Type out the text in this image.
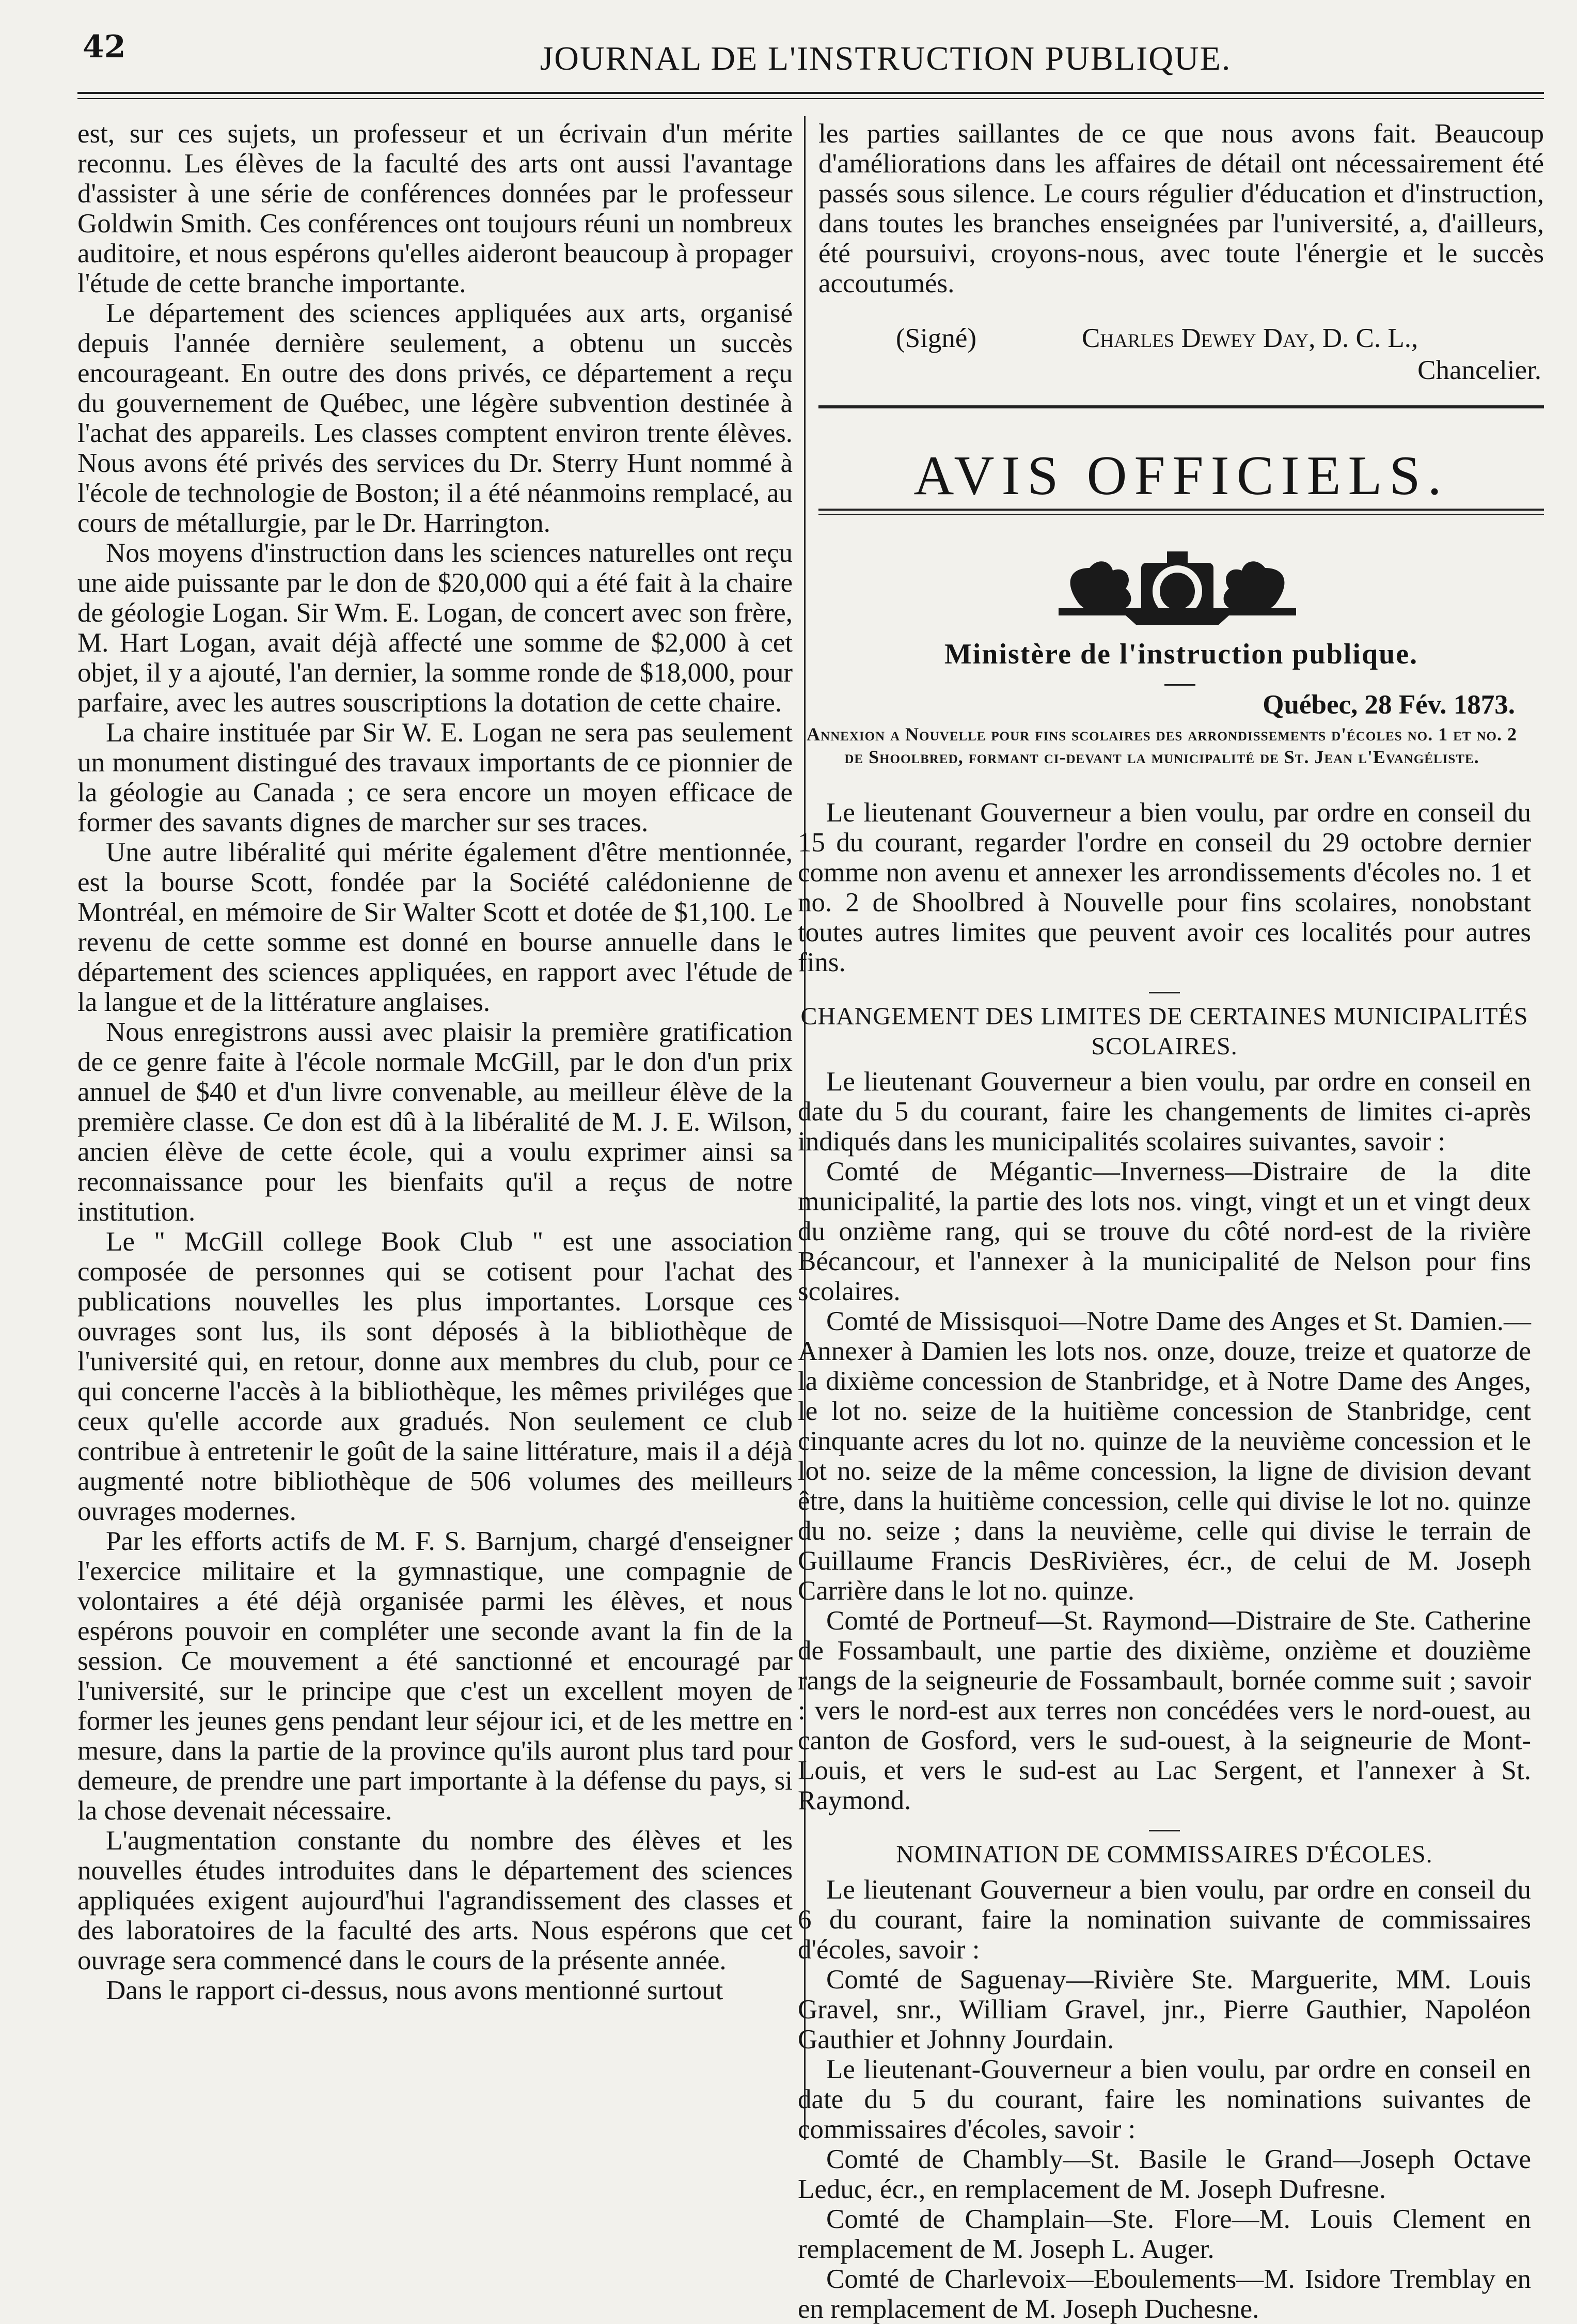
42	JOURNAL DE L'INSTRUCTION PUBLIQUE.

est, sur ces sujets, un professeur et un écrivain d'un mérite reconnu. Les élèves de la faculté des arts ont aussi l'avantage d'assister à une série de conférences données par le professeur Goldwin Smith. Ces conférences ont toujours réuni un nombreux auditoire, et nous espérons qu'elles aideront beaucoup à propager l'étude de cette branche importante.

Le département des sciences appliquées aux arts, organisé depuis l'année dernière seulement, a obtenu un succès encourageant. En outre des dons privés, ce département a reçu du gouvernement de Québec, une légère subvention destinée à l'achat des appareils. Les classes comptent environ trente élèves. Nous avons été privés des services du Dr. Sterry Hunt nommé à l'école de technologie de Boston; il a été néanmoins remplacé, au cours de métallurgie, par le Dr. Harrington.

Nos moyens d'instruction dans les sciences naturelles ont reçu une aide puissante par le don de $20,000 qui a été fait à la chaire de géologie Logan. Sir Wm. E. Logan, de concert avec son frère, M. Hart Logan, avait déjà affecté une somme de $2,000 à cet objet, il y a ajouté, l'an dernier, la somme ronde de $18,000, pour parfaire, avec les autres souscriptions la dotation de cette chaire.

La chaire instituée par Sir W. E. Logan ne sera pas seulement un monument distingué des travaux importants de ce pionnier de la géologie au Canada ; ce sera encore un moyen efficace de former des savants dignes de marcher sur ses traces.

Une autre libéralité qui mérite également d'être mentionnée, est la bourse Scott, fondée par la Société calédonienne de Montréal, en mémoire de Sir Walter Scott et dotée de $1,100. Le revenu de cette somme est donné en bourse annuelle dans le département des sciences appliquées, en rapport avec l'étude de la langue et de la littérature anglaises.

Nous enregistrons aussi avec plaisir la première gratification de ce genre faite à l'école normale McGill, par le don d'un prix annuel de $40 et d'un livre convenable, au meilleur élève de la première classe. Ce don est dû à la libéralité de M. J. E. Wilson, ancien élève de cette école, qui a voulu exprimer ainsi sa reconnaissance pour les bienfaits qu'il a reçus de notre institution.

Le " McGill college Book Club " est une association composée de personnes qui se cotisent pour l'achat des publications nouvelles les plus importantes. Lorsque ces ouvrages sont lus, ils sont déposés à la bibliothèque de l'université qui, en retour, donne aux membres du club, pour ce qui concerne l'accès à la bibliothèque, les mêmes priviléges que ceux qu'elle accorde aux gradués. Non seulement ce club contribue à entretenir le goût de la saine littérature, mais il a déjà augmenté notre bibliothèque de 506 volumes des meilleurs ouvrages modernes.

Par les efforts actifs de M. F. S. Barnjum, chargé d'enseigner l'exercice militaire et la gymnastique, une compagnie de volontaires a été déjà organisée parmi les élèves, et nous espérons pouvoir en compléter une seconde avant la fin de la session. Ce mouvement a été sanctionné et encouragé par l'université, sur le principe que c'est un excellent moyen de former les jeunes gens pendant leur séjour ici, et de les mettre en mesure, dans la partie de la province qu'ils auront plus tard pour demeure, de prendre une part importante à la défense du pays, si la chose devenait nécessaire.

L'augmentation constante du nombre des élèves et les nouvelles études introduites dans le département des sciences appliquées exigent aujourd'hui l'agrandissement des classes et des laboratoires de la faculté des arts. Nous espérons que cet ouvrage sera commencé dans le cours de la présente année.

Dans le rapport ci-dessus, nous avons mentionné surtout

les parties saillantes de ce que nous avons fait. Beaucoup d'améliorations dans les affaires de détail ont nécessairement été passés sous silence. Le cours régulier d'éducation et d'instruction, dans toutes les branches enseignées par l'université, a, d'ailleurs, été poursuivi, croyons-nous, avec toute l'énergie et le succès accoutumés.

(Signé)	Charles Dewey Day, D. C. L.,
Chancelier.
AVIS OFFICIELS.
Ministère de l'instruction publique.
Québec, 28 Fév. 1873.
Annexion a Nouvelle pour fins scolaires des arrondissements d'écoles no. 1 et no. 2 de Shoolbred, formant ci-devant la municipalité de St. Jean l'Evangéliste.

Le lieutenant Gouverneur a bien voulu, par ordre en conseil du 15 du courant, regarder l'ordre en conseil du 29 octobre dernier comme non avenu et annexer les arrondissements d'écoles no. 1 et no. 2 de Shoolbred à Nouvelle pour fins scolaires, nonobstant toutes autres limites que peuvent avoir ces localités pour autres fins.

CHANGEMENT DES LIMITES DE CERTAINES MUNICIPALITÉS SCOLAIRES.

Le lieutenant Gouverneur a bien voulu, par ordre en conseil en date du 5 du courant, faire les changements de limites ci-après indiqués dans les municipalités scolaires suivantes, savoir :

Comté de Mégantic—Inverness—Distraire de la dite municipalité, la partie des lots nos. vingt, vingt et un et vingt deux du onzième rang, qui se trouve du côté nord-est de la rivière Bécancour, et l'annexer à la municipalité de Nelson pour fins scolaires.

Comté de Missisquoi—Notre Dame des Anges et St. Damien.—Annexer à Damien les lots nos. onze, douze, treize et quatorze de la dixième concession de Stanbridge, et à Notre Dame des Anges, le lot no. seize de la huitième concession de Stanbridge, cent cinquante acres du lot no. quinze de la neuvième concession et le lot no. seize de la même concession, la ligne de division devant être, dans la huitième concession, celle qui divise le lot no. quinze du no. seize ; dans la neuvième, celle qui divise le terrain de Guillaume Francis DesRivières, écr., de celui de M. Joseph Carrière dans le lot no. quinze.

Comté de Portneuf—St. Raymond—Distraire de Ste. Catherine de Fossambault, une partie des dixième, onzième et douzième rangs de la seigneurie de Fossambault, bornée comme suit ; savoir : vers le nord-est aux terres non concédées vers le nord-ouest, au canton de Gosford, vers le sud-ouest, à la seigneurie de Mont-Louis, et vers le sud-est au Lac Sergent, et l'annexer à St. Raymond.

NOMINATION DE COMMISSAIRES D'ÉCOLES.

Le lieutenant Gouverneur a bien voulu, par ordre en conseil du 6 du courant, faire la nomination suivante de commissaires d'écoles, savoir :

Comté de Saguenay—Rivière Ste. Marguerite, MM. Louis Gravel, snr., William Gravel, jnr., Pierre Gauthier, Napoléon Gauthier et Johnny Jourdain.

Le lieutenant-Gouverneur a bien voulu, par ordre en conseil en date du 5 du courant, faire les nominations suivantes de commissaires d'écoles, savoir :

Comté de Chambly—St. Basile le Grand—Joseph Octave Leduc, écr., en remplacement de M. Joseph Dufresne.

Comté de Champlain—Ste. Flore—M. Louis Clement en remplacement de M. Joseph L. Auger.

Comté de Charlevoix—Eboulements—M. Isidore Tremblay en en remplacement de M. Joseph Duchesne.
